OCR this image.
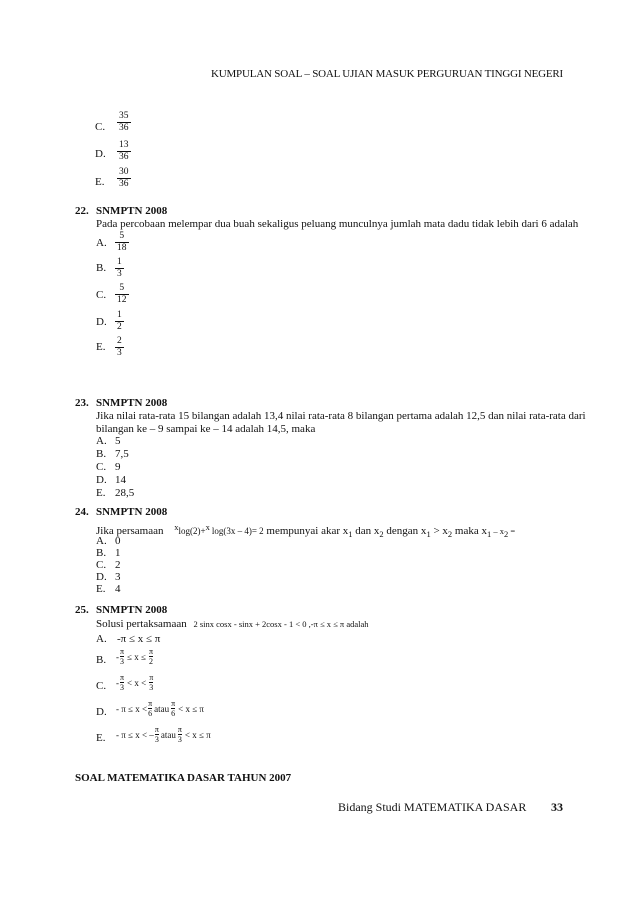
KUMPULAN SOAL – SOAL UJIAN MASUK PERGURUAN TINGGI NEGERI
C.
35
36
D.
13
36
E.
30
36
22. SNMPTN 2008
Pada percobaan melempar dua buah sekaligus peluang munculnya jumlah mata dadu tidak lebih dari 6 adalah
A.
5
18
B. 1
3
C.
5
12
D.
1
2
E. 2
3
23. SNMPTN 2008
Jika nilai rata-rata 15 bilangan adalah 13,4 nilai rata-rata 8 bilangan pertama adalah 12,5 dan nilai rata-rata dari
bilangan ke – 9 sampai ke – 14 adalah 14,5, maka
A. 5
B. 7,5
C. 9
D. 14
E. 28,5
24. SNMPTN 2008
Jika persamaan $^x$log(2)+$^x$ log(3x – 4)= 2 mempunyai akar $x_1$ dan $x_2$ dengan $x_1 > x_2$ maka $x_1 - x_2$ =
A. 0
B. 1
C. 2
D. 3
E. 4
25. SNMPTN 2008
Solusi pertaksamaan 2 sinx cosx - sinx + 2cosx - 1 < 0 ,-π ≤ x ≤ π adalah
A. -π ≤ x ≤ π
B. - $\frac{\pi}{3} \le x \le \frac{\pi}{2}$
C. - $\frac{\pi}{3} < x < \frac{\pi}{3}$
D. - $\pi \le x < \frac{\pi}{6}$ atau $\frac{\pi}{6} < x \le \pi$
E. - π ≤ x < – $\frac{\pi}{3}$ atau $\frac{\pi}{3} < x \le \pi$
SOAL MATEMATIKA DASAR TAHUN 2007
Bidang Studi MATEMATIKA DASAR 33
